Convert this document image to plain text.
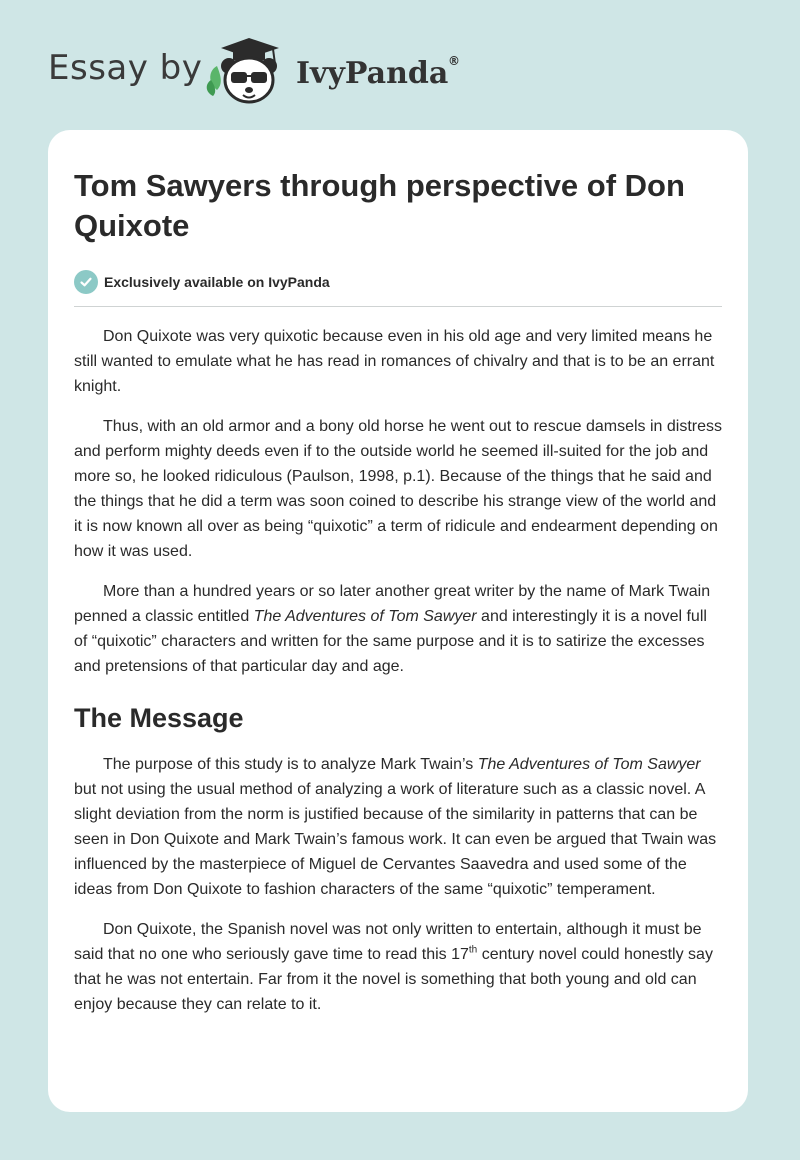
Essay by	IvyPanda ®
Tom Sawyers through perspective of Don Quixote
Exclusively available on IvyPanda

Don Quixote was very quixotic because even in his old age and very limited means he still wanted to emulate what he has read in romances of chivalry and that is to be an errant knight.

Thus, with an old armor and a bony old horse he went out to rescue damsels in distress and perform mighty deeds even if to the outside world he seemed ill-suited for the job and more so, he looked ridiculous (Paulson, 1998, p.1). Because of the things that he said and the things that he did a term was soon coined to describe his strange view of the world and it is now known all over as being “quixotic” a term of ridicule and endearment depending on how it was used.

More than a hundred years or so later another great writer by the name of Mark Twain penned a classic entitled The Adventures of Tom Sawyer and interestingly it is a novel full of “quixotic” characters and written for the same purpose and it is to satirize the excesses and pretensions of that particular day and age.

The Message

The purpose of this study is to analyze Mark Twain’s The Adventures of Tom Sawyer but not using the usual method of analyzing a work of literature such as a classic novel. A slight deviation from the norm is justified because of the similarity in patterns that can be seen in Don Quixote and Mark Twain’s famous work. It can even be argued that Twain was influenced by the masterpiece of Miguel de Cervantes Saavedra and used some of the ideas from Don Quixote to fashion characters of the same “quixotic” temperament.

Don Quixote, the Spanish novel was not only written to entertain, although it must be said that no one who seriously gave time to read this 17th century novel could honestly say that he was not entertain. Far from it the novel is something that both young and old can enjoy because they can relate to it.
